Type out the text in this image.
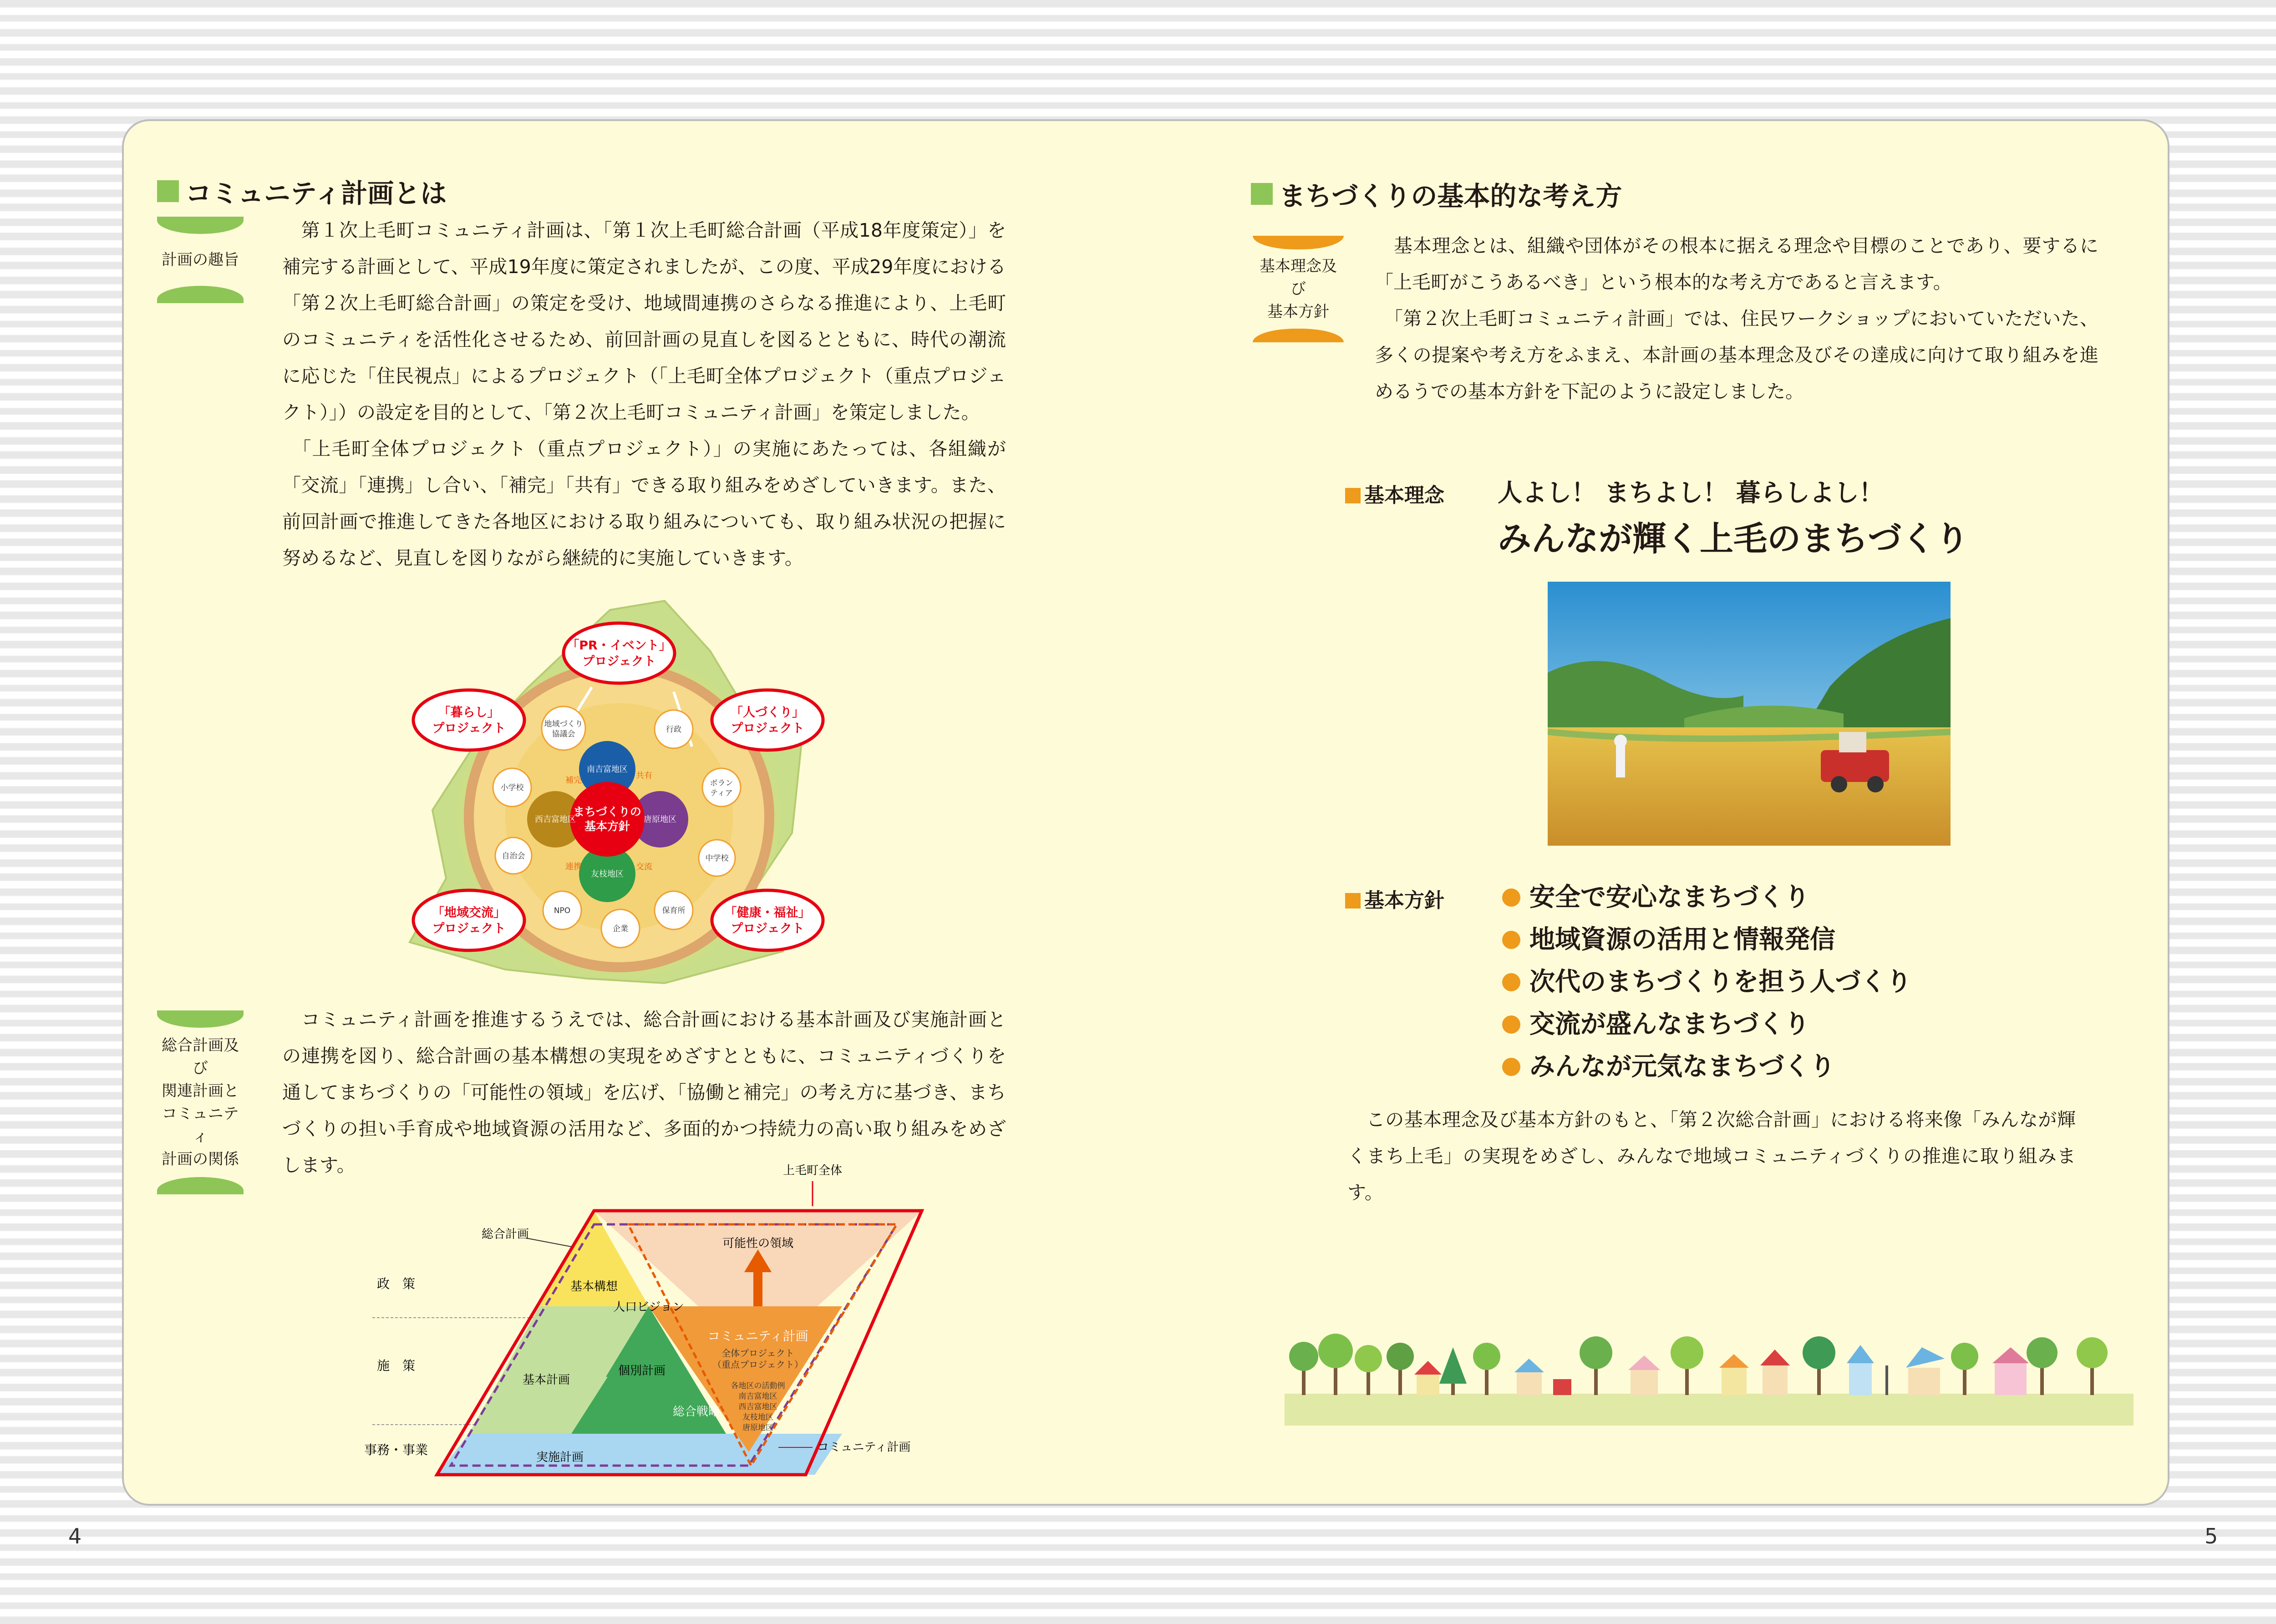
コミュニティ計画とは
計画の趣旨
　第１次上毛町コミュニティ計画は、「第１次上毛町総合計画（平成18年度策定）」を補完する計画として、平成19年度に策定されましたが、この度、平成29年度における「第２次上毛町総合計画」の策定を受け、地域間連携のさらなる推進により、上毛町のコミュニティを活性化させるため、前回計画の見直しを図るとともに、時代の潮流に応じた「住民視点」によるプロジェクト（「上毛町全体プロジェクト（重点プロジェクト）」）の設定を目的として、「第２次上毛町コミュニティ計画」を策定しました。
　「上毛町全体プロジェクト（重点プロジェクト）」の実施にあたっては、各組織が「交流」「連携」し合い、「補完」「共有」できる取り組みをめざしていきます。また、前回計画で推進してきた各地区における取り組みについても、取り組み状況の把握に努めるなど、見直しを図りながら継続的に実施していきます。
まちづくりの
基本方針
南吉富地区
唐原地区
友枝地区
西吉富地区
補完	共有
連携	交流
地域づくり
協議会	行政
ボラン
ティア
中学校
保育所
企業
NPO
自治会
小学校
「PR・イベント」
プロジェクト
「人づくり」
プロジェクト
「健康・福祉」
プロジェクト
「地域交流」
プロジェクト
「暮らし」
プロジェクト
総合計画及び
関連計画と
コミュニティ
計画の関係
　コミュニティ計画を推進するうえでは、総合計画における基本計画及び実施計画との連携を図り、総合計画の基本構想の実現をめざすとともに、コミュニティづくりを通してまちづくりの「可能性の領域」を広げ、「協働と補完」の考え方に基づき、まちづくりの担い手育成や地域資源の活用など、多面的かつ持続力の高い取り組みをめざします。	上毛町全体
総合計画
政　策
施　策
事務・事業
可能性の領域
基本構想
人口ビジョン
基本計画
個別計画
総合戦略
実施計画
コミュニティ計画
全体プロジェクト
（重点プロジェクト）
各地区の活動例
南吉富地区
西吉富地区
友枝地区
唐原地区
コミュニティ計画
まちづくりの基本的な考え方
基本理念及び
基本方針
　基本理念とは、組織や団体がその根本に据える理念や目標のことであり、要するに「上毛町がこうあるべき」という根本的な考え方であると言えます。
　「第２次上毛町コミュニティ計画」では、住民ワークショップにおいていただいた、多くの提案や考え方をふまえ、本計画の基本理念及びその達成に向けて取り組みを進めるうでの基本方針を下記のように設定しました。
基本理念 人よし！ まちよし！ 暮らしよし！
みんなが輝く上毛のまちづくり
基本方針	安全で安心なまちづくり
地域資源の活用と情報発信
次代のまちづくりを担う人づくり
交流が盛んなまちづくり
みんなが元気なまちづくり
　この基本理念及び基本方針のもと、「第２次総合計画」における将来像「みんなが輝くまち上毛」の実現をめざし、みんなで地域コミュニティづくりの推進に取り組みます。
4	5
